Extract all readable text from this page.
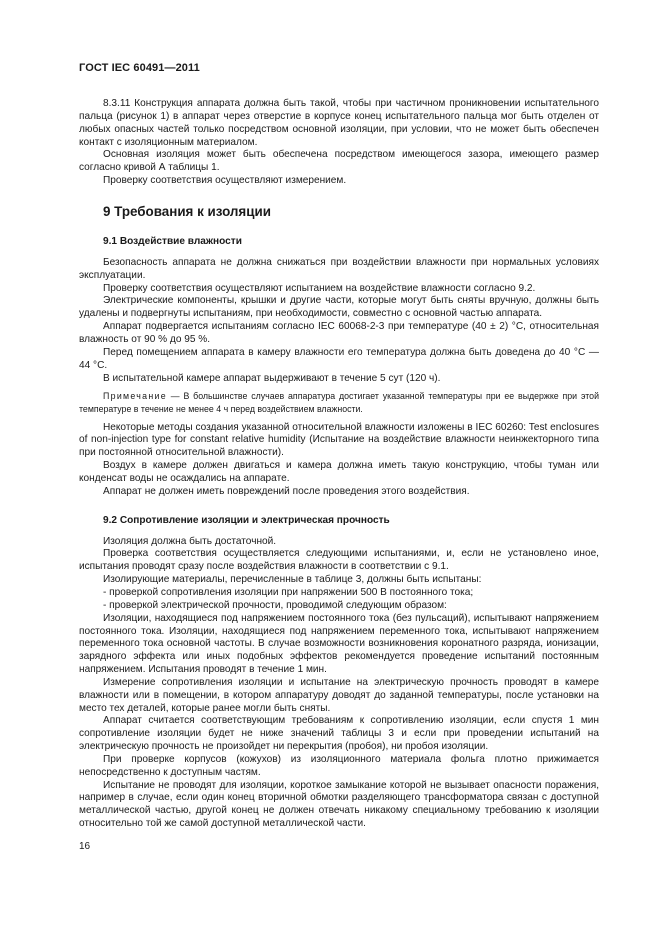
ГОСТ IEC 60491—2011

8.3.11 Конструкция аппарата должна быть такой, чтобы при частичном проникновении испытательного пальца (рисунок 1) в аппарат через отверстие в корпусе конец испытательного пальца мог быть отделен от любых опасных частей только посредством основной изоляции, при условии, что не может быть обеспечен контакт с изоляционным материалом.

Основная изоляция может быть обеспечена посредством имеющегося зазора, имеющего размер согласно кривой А таблицы 1.

Проверку соответствия осуществляют измерением.

9 Требования к изоляции
9.1 Воздействие влажности

Безопасность аппарата не должна снижаться при воздействии влажности при нормальных условиях эксплуатации.

Проверку соответствия осуществляют испытанием на воздействие влажности согласно 9.2.

Электрические компоненты, крышки и другие части, которые могут быть сняты вручную, должны быть удалены и подвергнуты испытаниям, при необходимости, совместно с основной частью аппарата.

Аппарат подвергается испытаниям согласно IEC 60068-2-3 при температуре (40 ± 2) °С, относительная влажность от 90 % до 95 %.

Перед помещением аппарата в камеру влажности его температура должна быть доведена до 40 °С — 44 °С.

В испытательной камере аппарат выдерживают в течение 5 сут (120 ч).

Примечание — В большинстве случаев аппаратура достигает указанной температуры при ее выдержке при этой температуре в течение не менее 4 ч перед воздействием влажности.

Некоторые методы создания указанной относительной влажности изложены в IEC 60260: Test enclosures of non-injection type for constant relative humidity (Испытание на воздействие влажности неинжекторного типа при постоянной относительной влажности).

Воздух в камере должен двигаться и камера должна иметь такую конструкцию, чтобы туман или конденсат воды не осаждались на аппарате.

Аппарат не должен иметь повреждений после проведения этого воздействия.

9.2 Сопротивление изоляции и электрическая прочность

Изоляция должна быть достаточной.

Проверка соответствия осуществляется следующими испытаниями, и, если не установлено иное, испытания проводят сразу после воздействия влажности в соответствии с 9.1.

Изолирующие материалы, перечисленные в таблице 3, должны быть испытаны:

- проверкой сопротивления изоляции при напряжении 500 В постоянного тока;

- проверкой электрической прочности, проводимой следующим образом:

Изоляции, находящиеся под напряжением постоянного тока (без пульсаций), испытывают напряжением постоянного тока. Изоляции, находящиеся под напряжением переменного тока, испытывают напряжением переменного тока основной частоты. В случае возможности возникновения коронатного разряда, ионизации, зарядного эффекта или иных подобных эффектов рекомендуется проведение испытаний постоянным напряжением. Испытания проводят в течение 1 мин.

Измерение сопротивления изоляции и испытание на электрическую прочность проводят в камере влажности или в помещении, в котором аппаратуру доводят до заданной температуры, после установки на место тех деталей, которые ранее могли быть сняты.

Аппарат считается соответствующим требованиям к сопротивлению изоляции, если спустя 1 мин сопротивление изоляции будет не ниже значений таблицы 3 и если при проведении испытаний на электрическую прочность не произойдет ни перекрытия (пробоя), ни пробоя изоляции.

При проверке корпусов (кожухов) из изоляционного материала фольга плотно прижимается непосредственно к доступным частям.

Испытание не проводят для изоляции, короткое замыкание которой не вызывает опасности поражения, например в случае, если один конец вторичной обмотки разделяющего трансформатора связан с доступной металлической частью, другой конец не должен отвечать никакому специальному требованию к изоляции относительно той же самой доступной металлической части.

16
